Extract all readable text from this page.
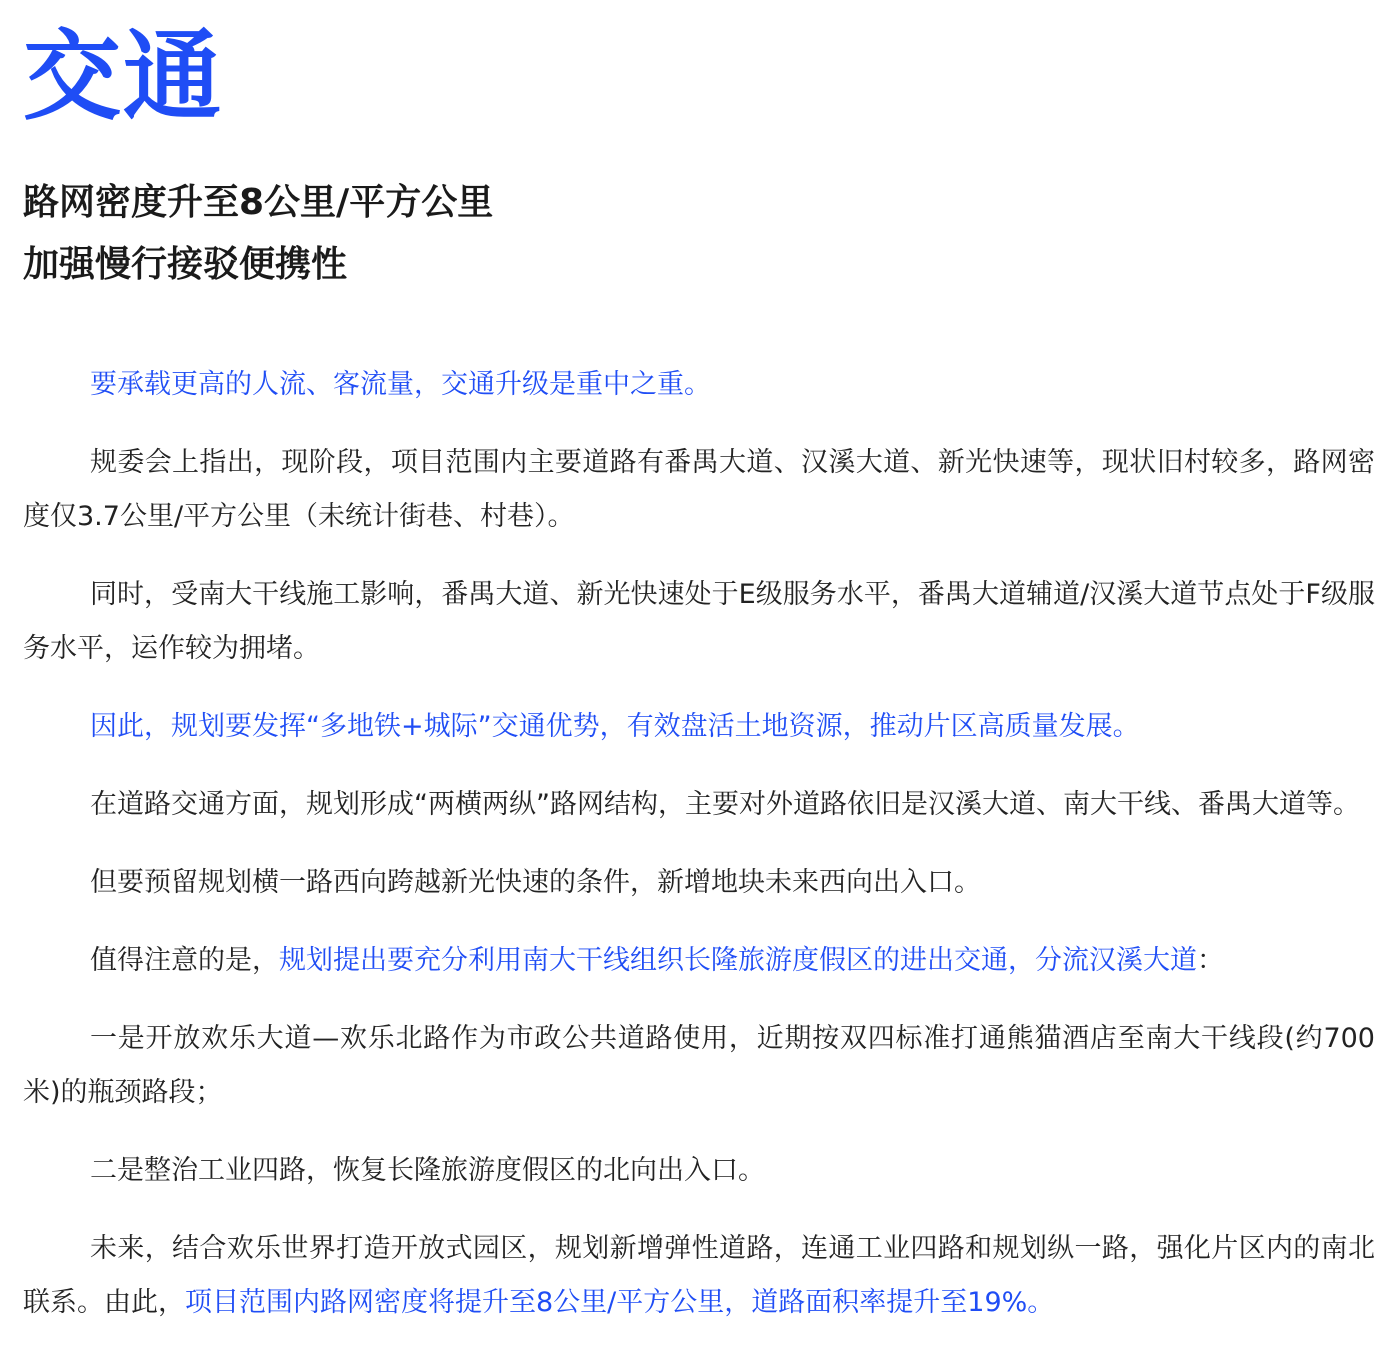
交通
路网密度升至8公里/平方公里
加强慢行接驳便携性

要承载更高的人流、客流量，交通升级是重中之重。

规委会上指出，现阶段，项目范围内主要道路有番禺大道、汉溪大道、新光快速等，现状旧村较多，路网密度仅3.7公里/平方公里（未统计街巷、村巷）。

同时，受南大干线施工影响，番禺大道、新光快速处于E级服务水平，番禺大道辅道/汉溪大道节点处于F级服务水平，运作较为拥堵。

因此，规划要发挥“多地铁+城际”交通优势，有效盘活土地资源，推动片区高质量发展。

在道路交通方面，规划形成“两横两纵”路网结构，主要对外道路依旧是汉溪大道、南大干线、番禺大道等。

但要预留规划横一路西向跨越新光快速的条件，新增地块未来西向出入口。

值得注意的是，规划提出要充分利用南大干线组织长隆旅游度假区的进出交通，分流汉溪大道：

一是开放欢乐大道—欢乐北路作为市政公共道路使用，近期按双四标准打通熊猫酒店至南大干线段(约700米)的瓶颈路段；

二是整治工业四路，恢复长隆旅游度假区的北向出入口。

未来，结合欢乐世界打造开放式园区，规划新增弹性道路，连通工业四路和规划纵一路，强化片区内的南北联系。由此，项目范围内路网密度将提升至8公里/平方公里，道路面积率提升至19%。
